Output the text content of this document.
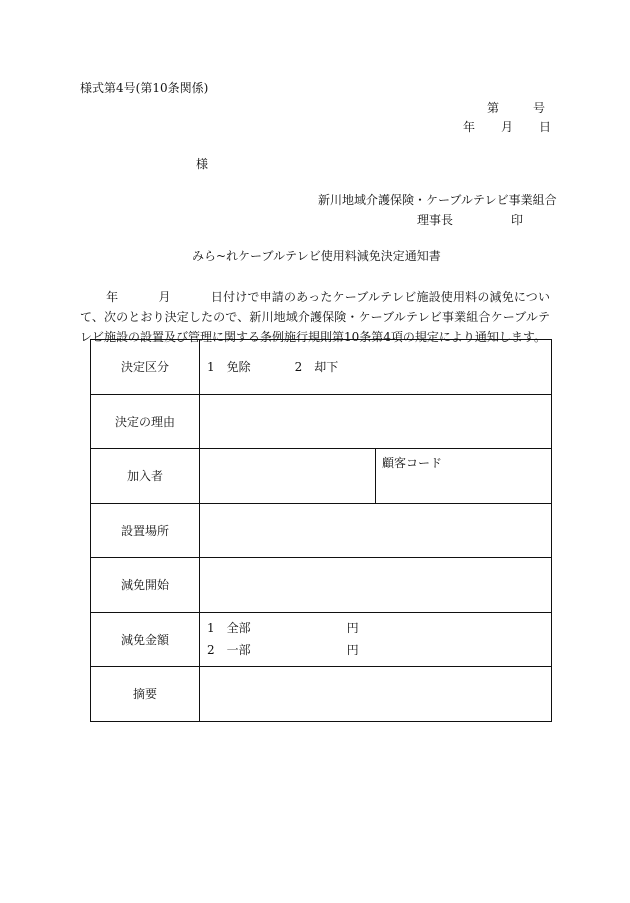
様式第4号(第10条関係)
第	号
年 月 日
様
新川地域介護保険・ケーブルテレビ事業組合
理事長	印
みら~れケーブルテレビ使用料減免決定通知書
年	月	日付けで申請のあったケーブルテレビ施設使用料の減免について、次のとおり決定したので、新川地域介護保険・ケーブルテレビ事業組合ケーブルテレビ施設の設置及び管理に関する条例施行規則第10条第4項の規定により通知します。
決定区分	1　免除 2　却下	
決定の理由		
加入者		顧客コード
設置場所		
減免開始		
減免金額	1　全部 円
2　一部 円	

摘要		
